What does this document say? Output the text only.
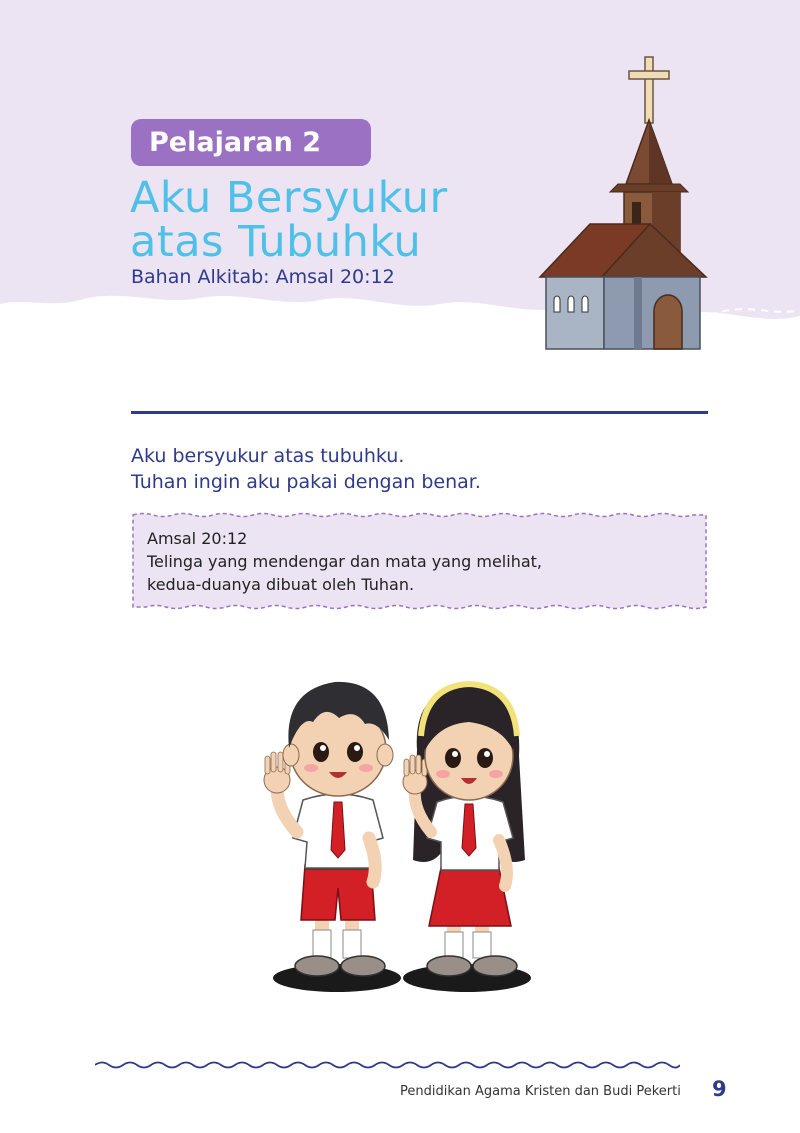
Pelajaran 2
Aku Bersyukur
atas Tubuhku
Bahan Alkitab: Amsal 20:12
Aku bersyukur atas tubuhku.
Tuhan ingin aku pakai dengan benar.
Amsal 20:12
Telinga yang mendengar dan mata yang melihat,
kedua-duanya dibuat oleh Tuhan.
Pendidikan Agama Kristen dan Budi Pekerti 9
